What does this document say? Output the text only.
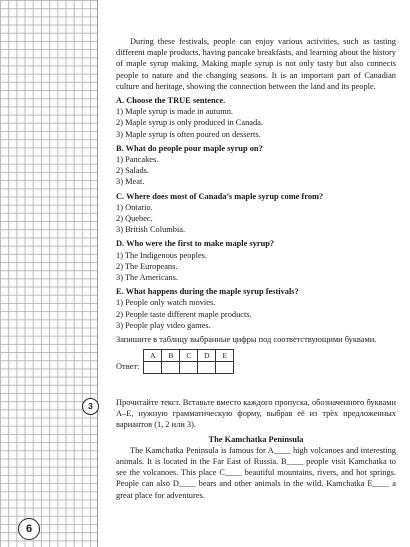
6

During these festivals, people can enjoy various activities, such as tasting different maple products, having pancake breakfasts, and learning about the history of maple syrup making. Making maple syrup is not only tasty but also connects people to nature and the changing seasons. It is an important part of Canadian culture and heritage, showing the connection between the land and its people.

A. Choose the TRUE sentence.

1) Maple syrup is made in autumn.

2) Maple syrup is only produced in Canada.

3) Maple syrup is often poured on desserts.

B. What do people pour maple syrup on?

1) Pancakes.

2) Salads.

3) Meat.

C. Where does most of Canada’s maple syrup come from?

1) Ontario.

2) Quebec.

3) British Columbia.

D. Who were the first to make maple syrup?

1) The Indigenous peoples.

2) The Europeans.

3) The Americans.

E. What happens during the maple syrup festivals?

1) People only watch movies.

2) People taste different maple products.

3) People play video games.

Запишите в таблицу выбранные цифры под соответствующими буквами.

Ответ:
A	B	C	D	E

3	Прочитайте текст. Вставьте вместо каждого пропуска, обозначенного буквами A–E, нужную грамматическую форму, выбрав её из трёх предложенных вариантов (1, 2 или 3).

The Kamchatka Peninsula

The Kamchatka Peninsula is famous for A____ high volcanoes and interesting animals. It is located in the Far East of Russia. B____ people visit Kamchatka to see the volcanoes. This place C____ beautiful mountains, rivers, and hot springs. People can also D____ bears and other animals in the wild. Kamchatka E____ a great place for adventures.
